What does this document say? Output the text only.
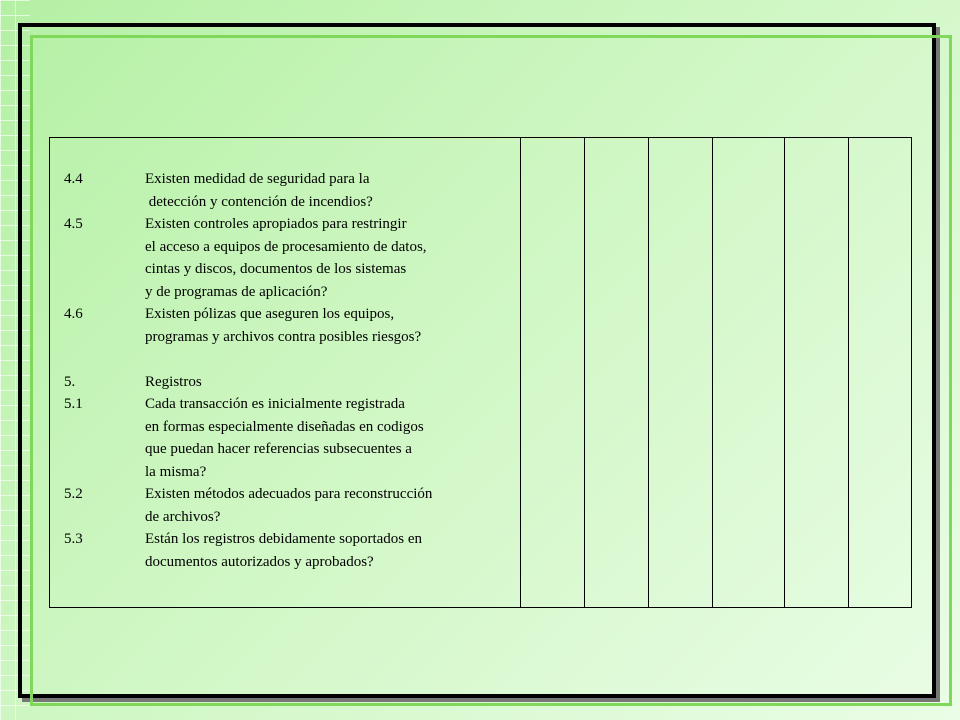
4.4	Existen medidad de seguridad para la
detección y contención de incendios?
4.5	Existen controles apropiados para restringir
el acceso a equipos de procesamiento de datos,
cintas y discos, documentos de los sistemas
y de programas de aplicación?
4.6	Existen pólizas que aseguren los equipos,
programas y archivos contra posibles riesgos?
5.	Registros
5.1	Cada transacción es inicialmente registrada
en formas especialmente diseñadas en codigos
que puedan hacer referencias subsecuentes a
la misma?
5.2	Existen métodos adecuados para reconstrucción
de archivos?
5.3	Están los registros debidamente soportados en
documentos autorizados y aprobados?
